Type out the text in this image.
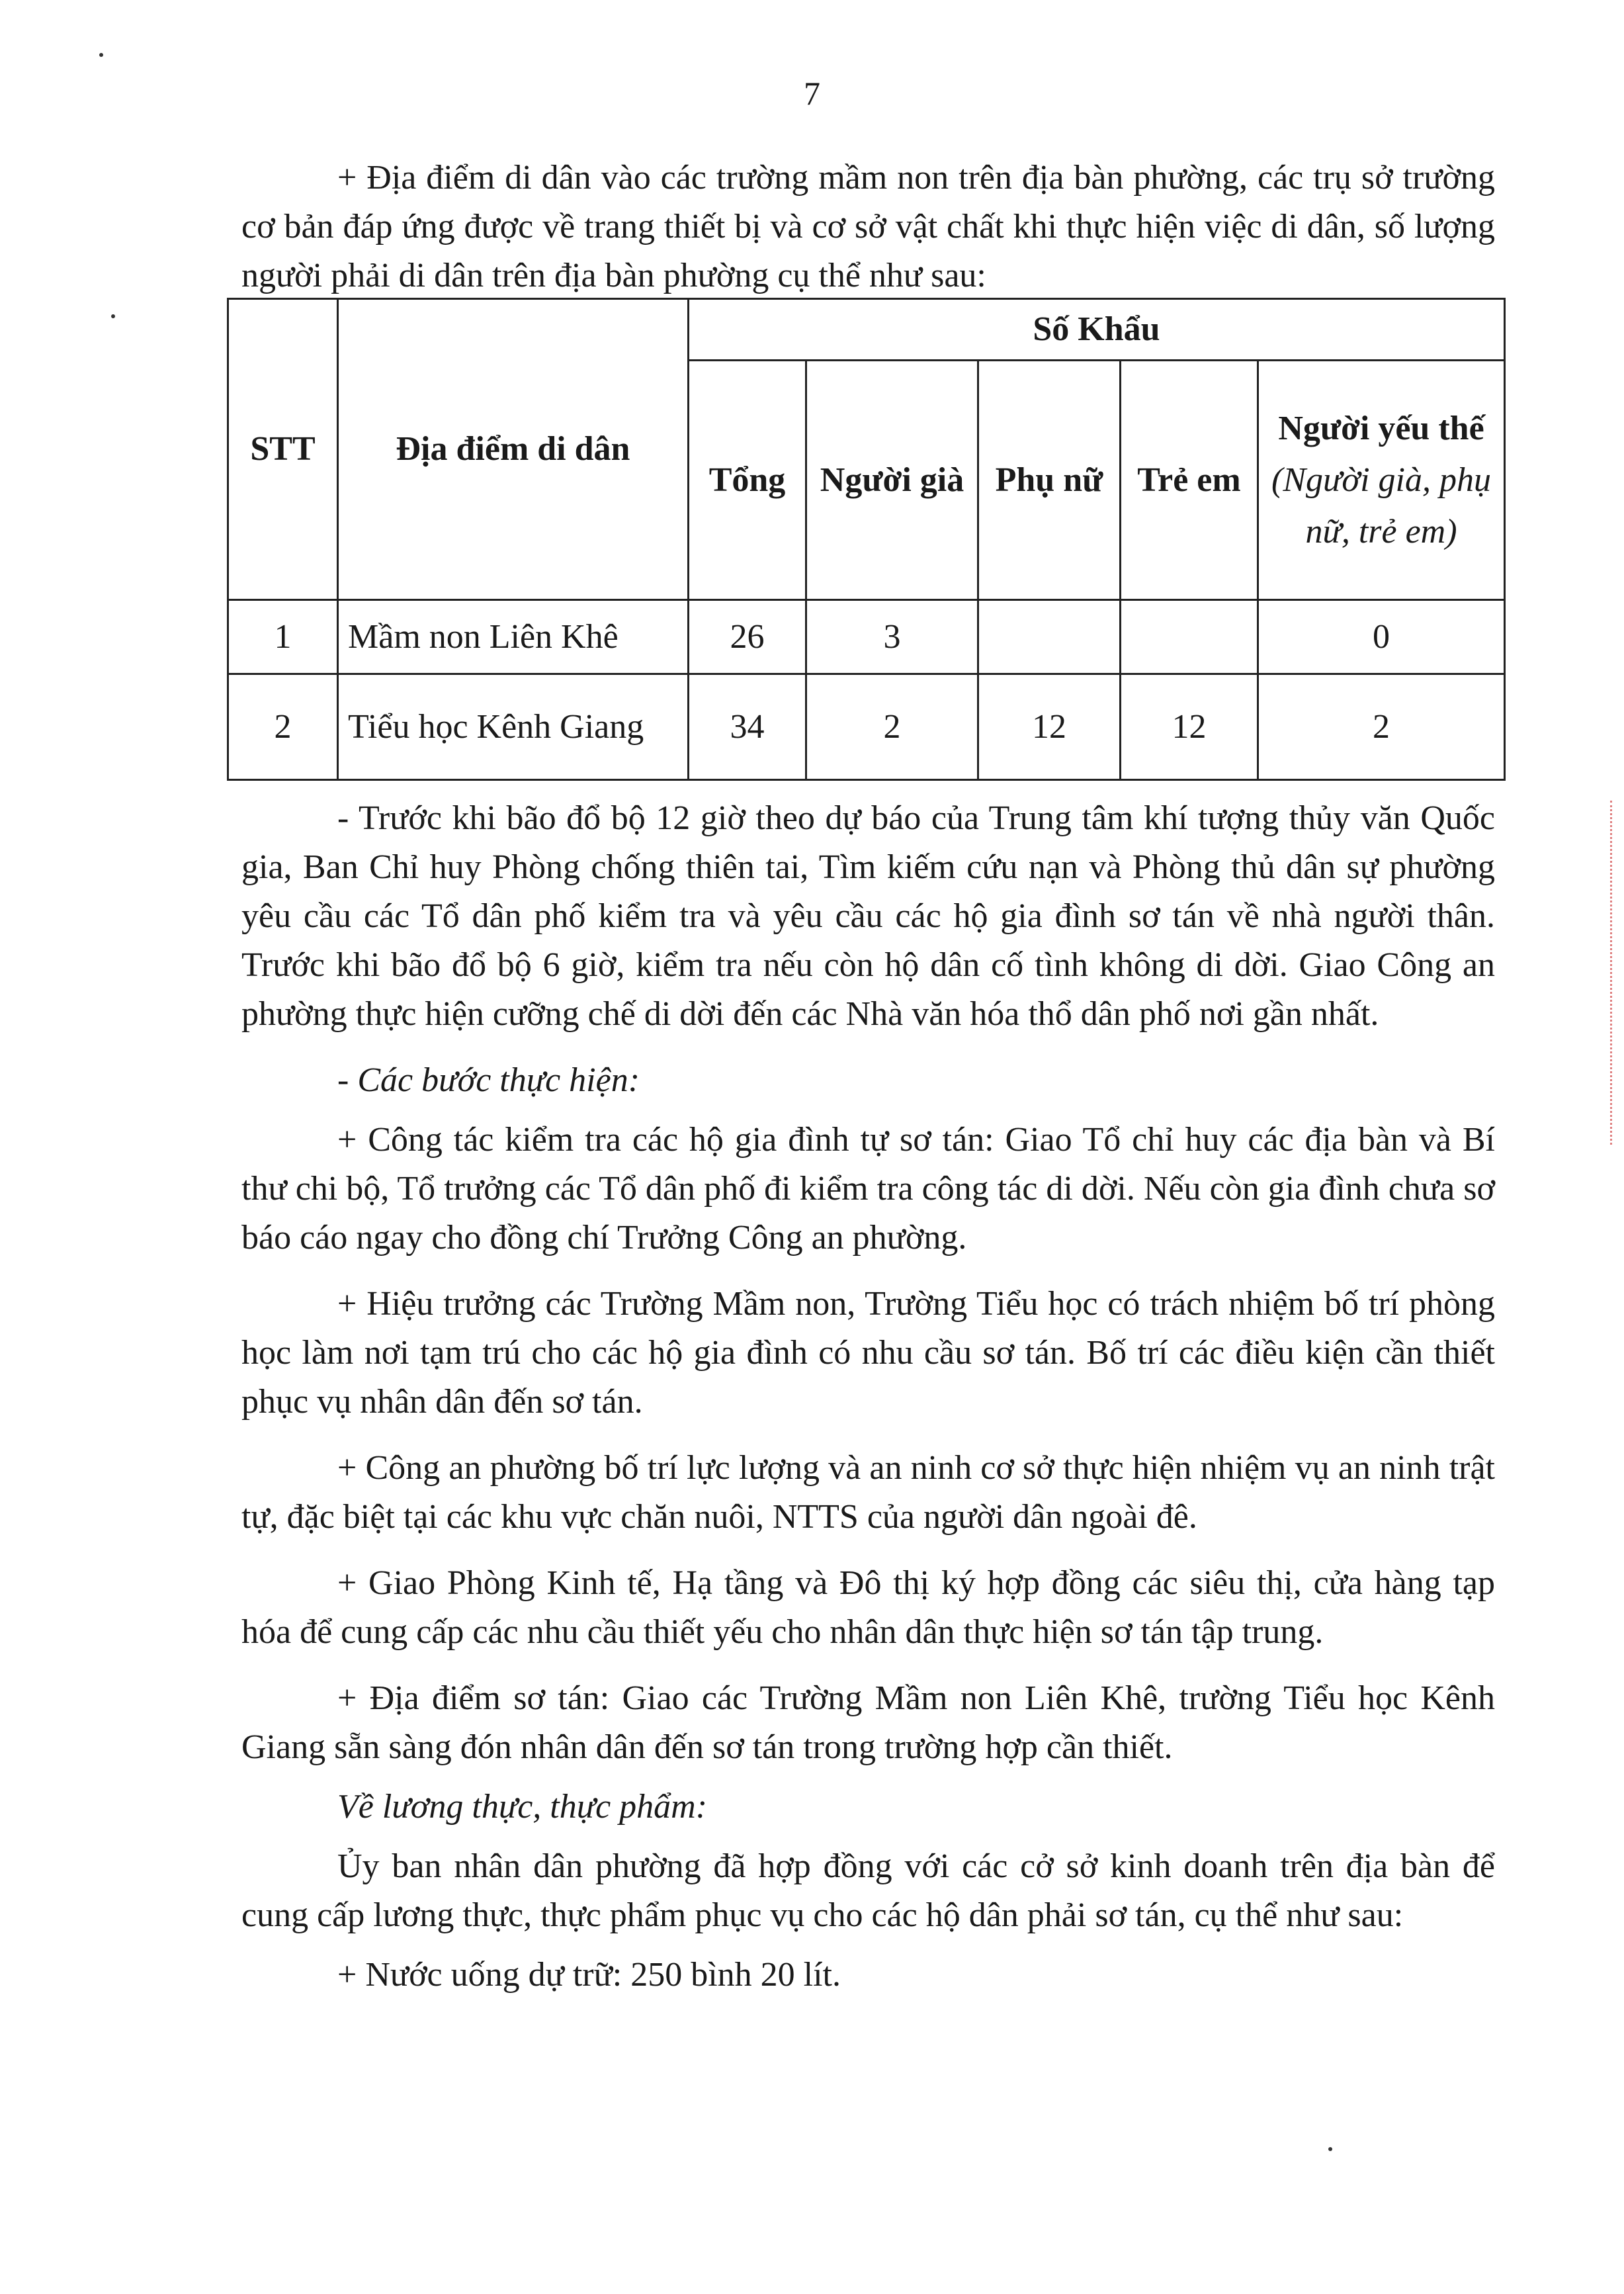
7

+ Địa điểm di dân vào các trường mầm non trên địa bàn phường, các trụ sở trường cơ bản đáp ứng được về trang thiết bị và cơ sở vật chất khi thực hiện việc di dân, số lượng người phải di dân trên địa bàn phường cụ thể như sau:

STT	Địa điểm di dân	Số Khẩu				
		Tổng	Người già	Phụ nữ	Trẻ em	Người yếu thế (Người già, phụ nữ, trẻ em)
1	Mầm non Liên Khê	26	3			0
2	Tiểu học Kênh Giang	34	2	12	12	2

- Trước khi bão đổ bộ 12 giờ theo dự báo của Trung tâm khí tượng thủy văn Quốc gia, Ban Chỉ huy Phòng chống thiên tai, Tìm kiếm cứu nạn và Phòng thủ dân sự phường yêu cầu các Tổ dân phố kiểm tra và yêu cầu các hộ gia đình sơ tán về nhà người thân. Trước khi bão đổ bộ 6 giờ, kiểm tra nếu còn hộ dân cố tình không di dời. Giao Công an phường thực hiện cưỡng chế di dời đến các Nhà văn hóa thổ dân phố nơi gần nhất.

- Các bước thực hiện:

+ Công tác kiểm tra các hộ gia đình tự sơ tán: Giao Tổ chỉ huy các địa bàn và Bí thư chi bộ, Tổ trưởng các Tổ dân phố đi kiểm tra công tác di dời. Nếu còn gia đình chưa sơ báo cáo ngay cho đồng chí Trưởng Công an phường.

+ Hiệu trưởng các Trường Mầm non, Trường Tiểu học có trách nhiệm bố trí phòng học làm nơi tạm trú cho các hộ gia đình có nhu cầu sơ tán. Bố trí các điều kiện cần thiết phục vụ nhân dân đến sơ tán.

+ Công an phường bố trí lực lượng và an ninh cơ sở thực hiện nhiệm vụ an ninh trật tự, đặc biệt tại các khu vực chăn nuôi, NTTS của người dân ngoài đê.

+ Giao Phòng Kinh tế, Hạ tầng và Đô thị ký hợp đồng các siêu thị, cửa hàng tạp hóa để cung cấp các nhu cầu thiết yếu cho nhân dân thực hiện sơ tán tập trung.

+ Địa điểm sơ tán: Giao các Trường Mầm non Liên Khê, trường Tiểu học Kênh Giang sẵn sàng đón nhân dân đến sơ tán trong trường hợp cần thiết.

Về lương thực, thực phẩm:

Ủy ban nhân dân phường đã hợp đồng với các cở sở kinh doanh trên địa bàn để cung cấp lương thực, thực phẩm phục vụ cho các hộ dân phải sơ tán, cụ thể như sau:

+ Nước uống dự trữ: 250 bình 20 lít.
